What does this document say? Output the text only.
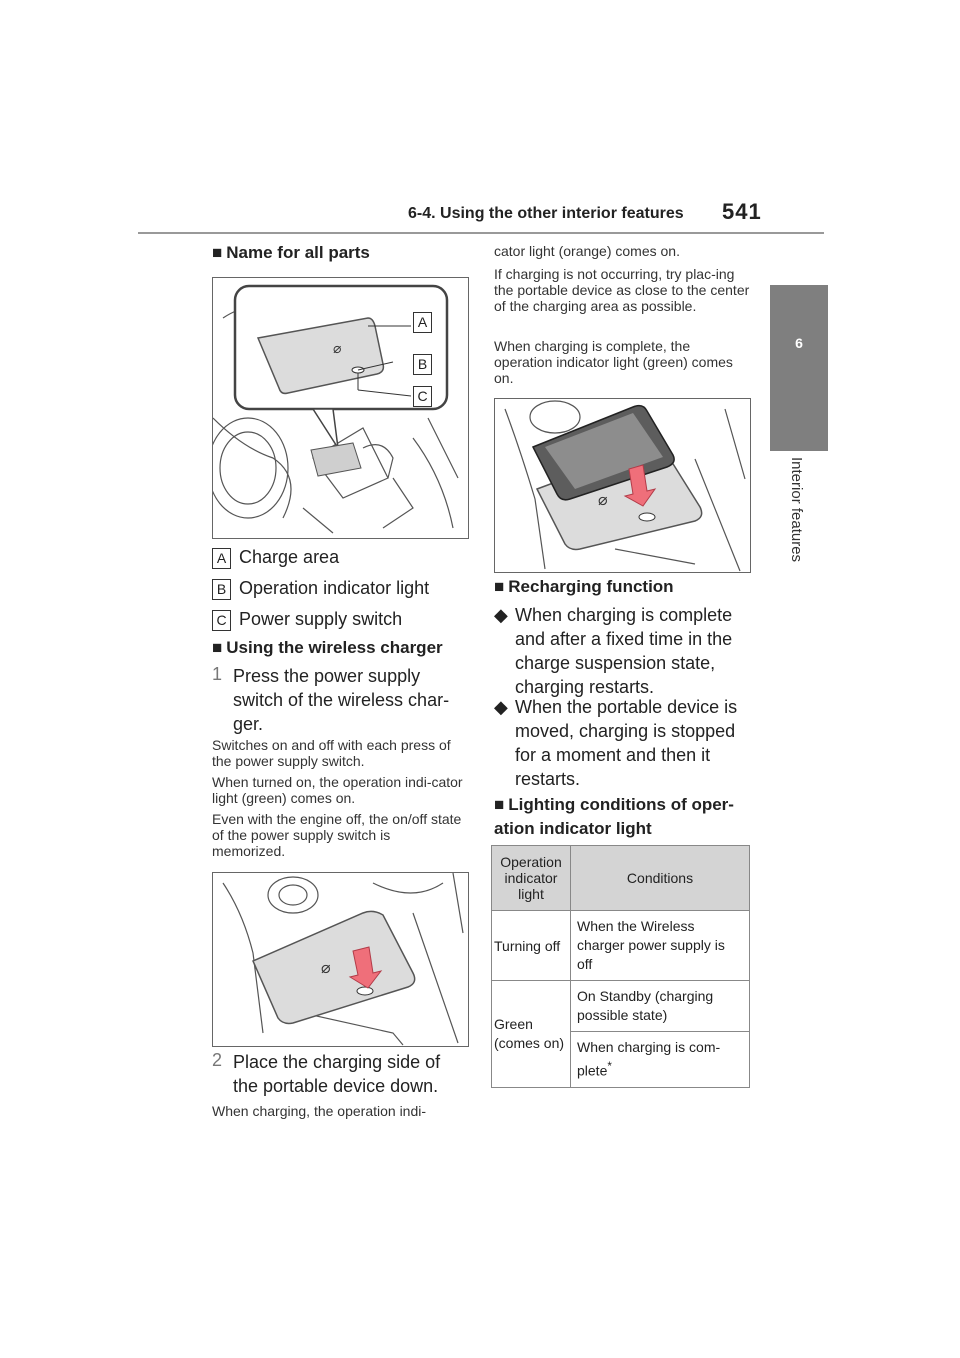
6-4. Using the other interior features 541
6
Interior features
■ Name for all parts
⌀
A
B
C
A Charge area
B Operation indicator light
C Power supply switch
■ Using the wireless charger
1 Press the power supply switch of the wireless char-ger.
Switches on and off with each press of the power supply switch.
When turned on, the operation indi-cator light (green) comes on.
Even with the engine off, the on/off state of the power supply switch is memorized.
⌀
2 Place the charging side of the portable device down.
When charging, the operation indi-
cator light (orange) comes on.
If charging is not occurring, try plac-ing the portable device as close to the center of the charging area as possible.
When charging is complete, the operation indicator light (green) comes on.
⌀
■ Recharging function
◆ When charging is complete and after a fixed time in the charge suspension state, charging restarts.
◆ When the portable device is moved, charging is stopped for a moment and then it restarts.
■ Lighting conditions of oper-ation indicator light
Operation indicator light	Conditions
Turning off	When the Wireless charger power supply is off
Green (comes on)	On Standby (charging possible state)
	When charging is com-plete*
